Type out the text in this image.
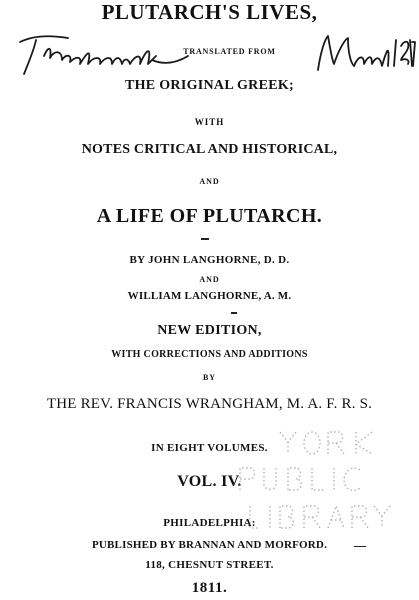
PLUTARCH'S LIVES,
TRANSLATED FROM
THE ORIGINAL GREEK;
WITH
NOTES CRITICAL AND HISTORICAL,
AND
A LIFE OF PLUTARCH.
BY JOHN LANGHORNE, D. D.
AND
WILLIAM LANGHORNE, A. M.
NEW EDITION,
WITH CORRECTIONS AND ADDITIONS
BY
THE REV. FRANCIS WRANGHAM, M. A. F. R. S.
IN EIGHT VOLUMES.
VOL. IV.
PHILADELPHIA:
PUBLISHED BY BRANNAN AND MORFORD.
118, CHESNUT STREET.
1811.
